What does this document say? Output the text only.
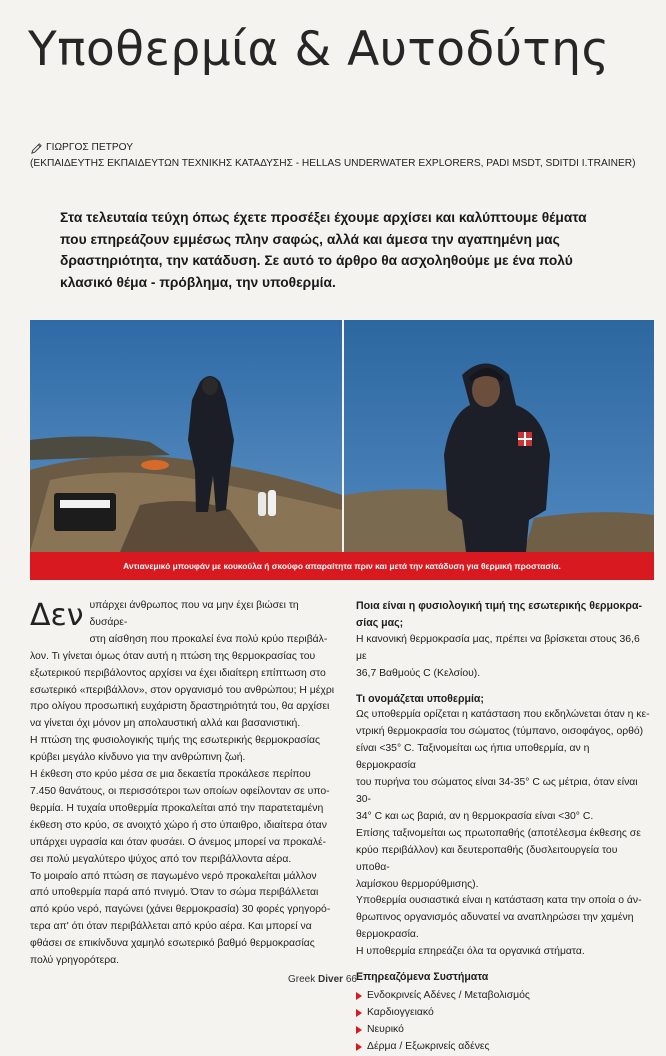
Υποθερμία & Αυτοδύτης
ΓΙΩΡΓΟΣ ΠΕΤΡΟΥ
(ΕΚΠΑΙΔΕΥΤΗΣ ΕΚΠΑΙΔΕΥΤΩΝ ΤΕΧΝΙΚΗΣ ΚΑΤΑΔΥΣΗΣ - HELLAS UNDERWATER EXPLORERS, PADI MSDT, SDITDI I.TRAINER)

Στα τελευταία τεύχη όπως έχετε προσέξει έχουμε αρχίσει και καλύπτουμε θέματα

που επηρεάζουν εμμέσως πλην σαφώς, αλλά και άμεσα την αγαπημένη μας

δραστηριότητα, την κατάδυση. Σε αυτό το άρθρο θα ασχοληθούμε με ένα πολύ

κλασικό θέμα - πρόβλημα, την υποθερμία.

Αντιανεμικό μπουφάν με κουκούλα ή σκούφο απαραίτητα πριν και μετά την κατάδυση για θερμική προστασία.
Δεν υπάρχει άνθρωπος που να μην έχει βιώσει τη δυσάρε-

στη αίσθηση που προκαλεί ένα πολύ κρύο περιβάλ-

λον. Τι γίνεται όμως όταν αυτή η πτώση της θερμοκρασίας του

εξωτερικού περιβάλοντος αρχίσει να έχει ιδιαίτερη επίπτωση στο

εσωτερικό «περιβάλλον», στον οργανισμό του ανθρώπου; Η μέχρι

προ ολίγου προσωπική ευχάριστη δραστηριότητά του, θα αρχίσει

να γίνεται όχι μόνον μη απολαυστική αλλά και βασανιστική.

Η πτώση της φυσιολογικής τιμής της εσωτερικής θερμοκρασίας

κρύβει μεγάλο κίνδυνο για την ανθρώπινη ζωή.

Η έκθεση στο κρύο μέσα σε μια δεκαετία προκάλεσε περίπου

7.450 θανάτους, οι περισσότεροι των οποίων οφείλονταν σε υπο-

θερμία. Η τυχαία υποθερμία προκαλείται από την παρατεταμένη

έκθεση στο κρύο, σε ανοιχτό χώρο ή στο ύπαιθρο, ιδιαίτερα όταν

υπάρχει υγρασία και όταν φυσάει. Ο άνεμος μπορεί να προκαλέ-

σει πολύ μεγαλύτερο ψύχος από τον περιβάλλοντα αέρα.

Το μοιραίο από πτώση σε παγωμένο νερό προκαλείται μάλλον

από υποθερμία παρά από πνιγμό. Όταν το σώμα περιβάλλεται

από κρύο νερό, παγώνει (χάνει θερμοκρασία) 30 φορές γρηγορό-

τερα απ' ότι όταν περιβάλλεται από κρύο αέρα. Και μπορεί να

φθάσει σε επικίνδυνα χαμηλό εσωτερικό βαθμό θερμοκρασίας

πολύ γρηγορότερα.

Ποια είναι η φυσιολογική τιμή της εσωτερικής θερμοκρα-

σίας μας;

Η κανονική θερμοκρασία μας, πρέπει να βρίσκεται στους 36,6 με

36,7 Βαθμούς C (Κελσίου).

Τι ονομάζεται υποθερμία;

Ως υποθερμία ορίζεται η κατάσταση που εκδηλώνεται όταν η κε-

ντρική θερμοκρασία του σώματος (τύμπανο, οισοφάγος, ορθό)

είναι <35° C. Ταξινομείται ως ήπια υποθερμία, αν η θερμοκρασία

του πυρήνα του σώματος είναι 34-35° C ως μέτρια, όταν είναι 30-

34° C και ως βαριά, αν η θερμοκρασία είναι <30° C.

Επίσης ταξινομείται ως πρωτοπαθής (αποτέλεσμα έκθεσης σε

κρύο περιβάλλον) και δευτεροπαθής (δυσλειτουργεία του υποθα-

λαμίσκου θερμορύθμισης).

Υποθερμία ουσιαστικά είναι η κατάσταση κατα την οποία ο άν-

θρωπινος οργανισμός αδυνατεί να αναπληρώσει την χαμένη θερμοκρασία.

Η υποθερμία επηρεάζει όλα τα οργανικά στήματα.

Επηρεαζόμενα Συστήματα

Ενδοκρινείς Αδένες / Μεταβολισμός
Καρδιογγειακό
Νευρικό
Δέρμα / Εξωκρινείς αδένες
Greek Diver 66
